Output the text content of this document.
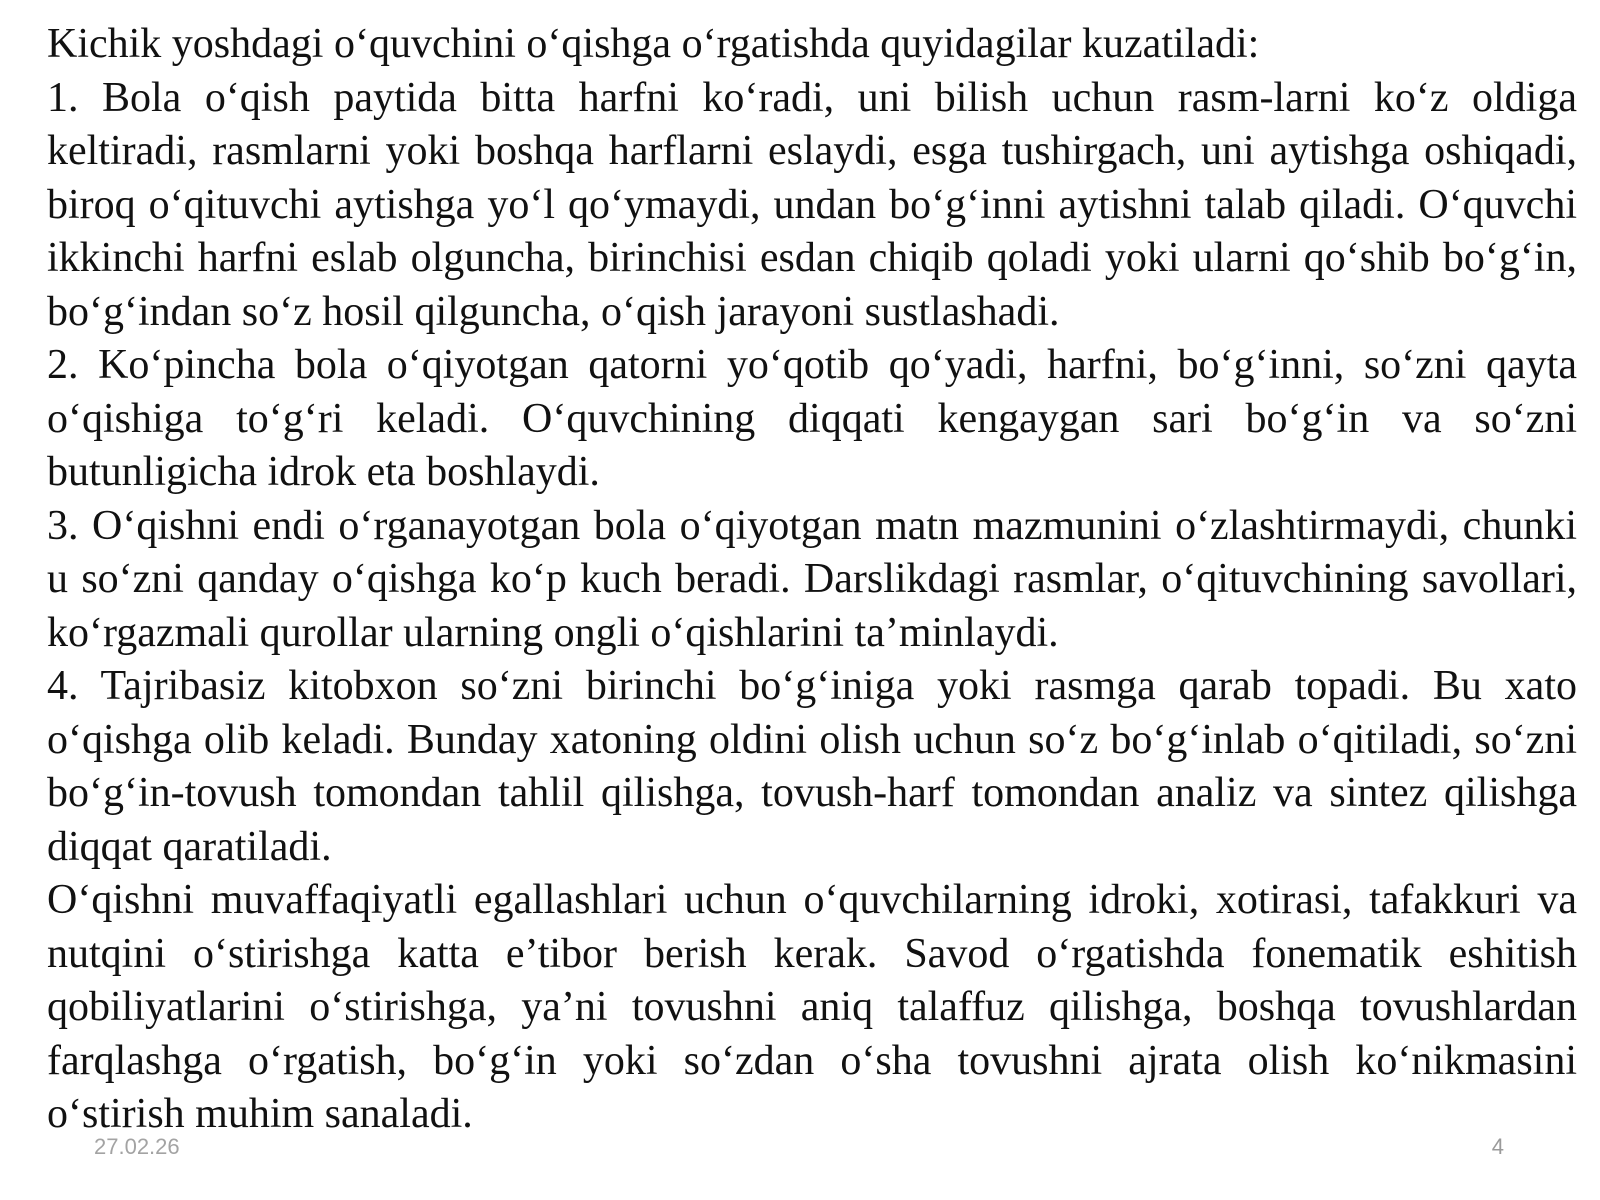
Kichik yoshdagi o‘quvchini o‘qishga o‘rgatishda quyidagilar kuzatiladi:

1. Bola o‘qish paytida bitta harfni ko‘radi, uni bilish uchun rasm-larni ko‘z oldiga keltiradi, rasmlarni yoki boshqa harflarni eslaydi, esga tushirgach, uni aytishga oshiqadi, biroq o‘qituvchi aytishga yo‘l qo‘ymaydi, undan bo‘g‘inni aytishni talab qiladi. O‘quvchi ikkinchi harfni eslab olguncha, birinchisi esdan chiqib qoladi yoki ularni qo‘shib bo‘g‘in, bo‘g‘indan so‘z hosil qilguncha, o‘qish jarayoni sustlashadi.

2. Ko‘pincha bola o‘qiyotgan qatorni yo‘qotib qo‘yadi, harfni, bo‘g‘inni, so‘zni qayta o‘qishiga to‘g‘ri keladi. O‘quvchining diqqati kengaygan sari bo‘g‘in va so‘zni butunligicha idrok eta boshlaydi.

3. O‘qishni endi o‘rganayotgan bola o‘qiyotgan matn mazmunini o‘zlashtirmaydi, chunki u so‘zni qanday o‘qishga ko‘p kuch beradi. Darslikdagi rasmlar, o‘qituvchining savollari, ko‘rgazmali qurollar ularning ongli o‘qishlarini ta’minlaydi.

4. Tajribasiz kitobxon so‘zni birinchi bo‘g‘iniga yoki rasmga qarab topadi. Bu xato o‘qishga olib keladi. Bunday xatoning oldini olish uchun so‘z bo‘g‘inlab o‘qitiladi, so‘zni bo‘g‘in-tovush tomondan tahlil qilishga, tovush-harf tomondan analiz va sintez qilishga diqqat qaratiladi.

O‘qishni muvaffaqiyatli egallashlari uchun o‘quvchilarning idroki, xotirasi, tafakkuri va nutqini o‘stirishga katta e’tibor berish kerak. Savod o‘rgatishda fonematik eshitish qobiliyatlarini o‘stirishga, ya’ni tovushni aniq talaffuz qilishga, boshqa tovushlardan farqlashga o‘rgatish, bo‘g‘in yoki so‘zdan o‘sha tovushni ajrata olish ko‘nikmasini o‘stirish muhim sanaladi.

27.02.26	4
